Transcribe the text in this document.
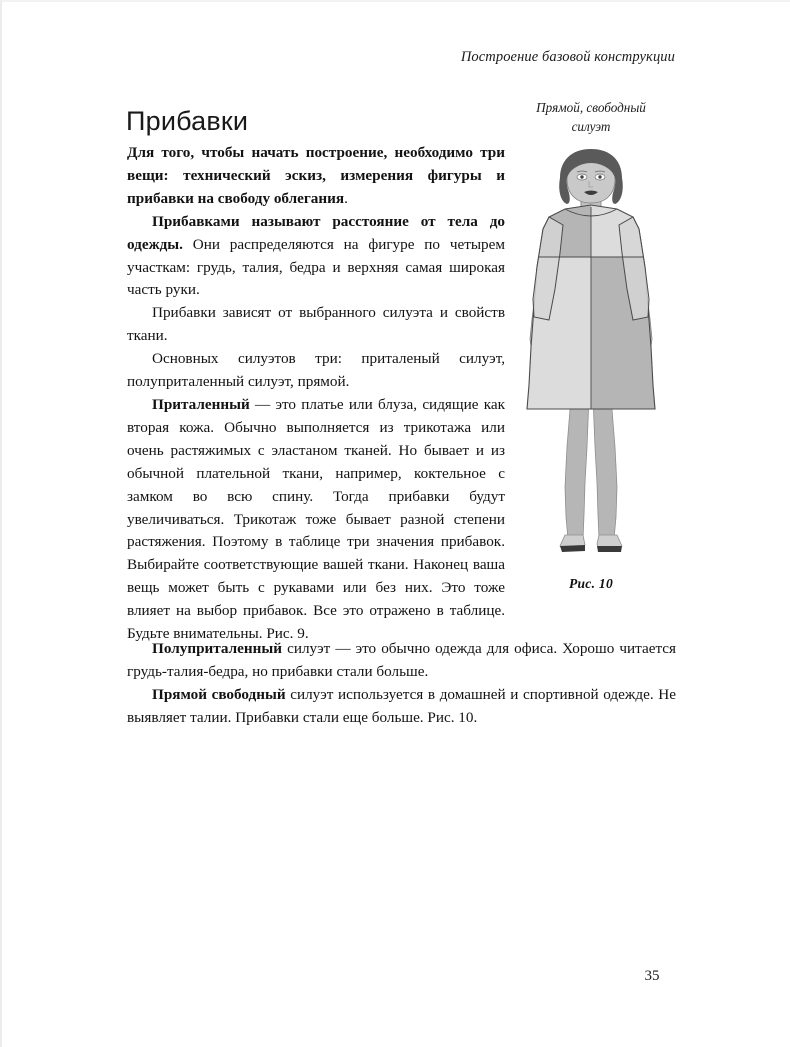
Построение базовой конструкции
Прибавки

Для того, чтобы начать построение, необходимо три вещи: технический эскиз, измерения фигуры и прибавки на свободу облегания.

Прибавками называют расстояние от тела до одежды. Они распределяются на фигуре по четырем участкам: грудь, талия, бедра и верхняя самая широкая часть руки.

Прибавки зависят от выбранного силуэта и свойств ткани.

Основных силуэтов три: приталеный силуэт, полуприталенный силуэт, прямой.

Приталенный — это платье или блуза, сидящие как вторая кожа. Обычно выполняется из трикотажа или очень растяжимых с эластаном тканей. Но бывает и из обычной плательной ткани, например, коктельное с замком во всю спину. Тогда прибавки будут увеличиваться. Трикотаж тоже бывает разной степени растяжения. Поэтому в таблице три значения прибавок. Выбирайте соответствующие вашей ткани. Наконец ваша вещь может быть с рукавами или без них. Это тоже влияет на выбор прибавок. Все это отражено в таблице. Будьте внимательны. Рис. 9.

Полуприталенный силуэт — это обычно одежда для офиса. Хорошо читается грудь-талия-бедра, но прибавки стали больше.

Прямой свободный силуэт используется в домашней и спортивной одежде. Не выявляет талии. Прибавки стали еще больше. Рис. 10.

Прямой, свободный
силуэт
Рис. 10
35
